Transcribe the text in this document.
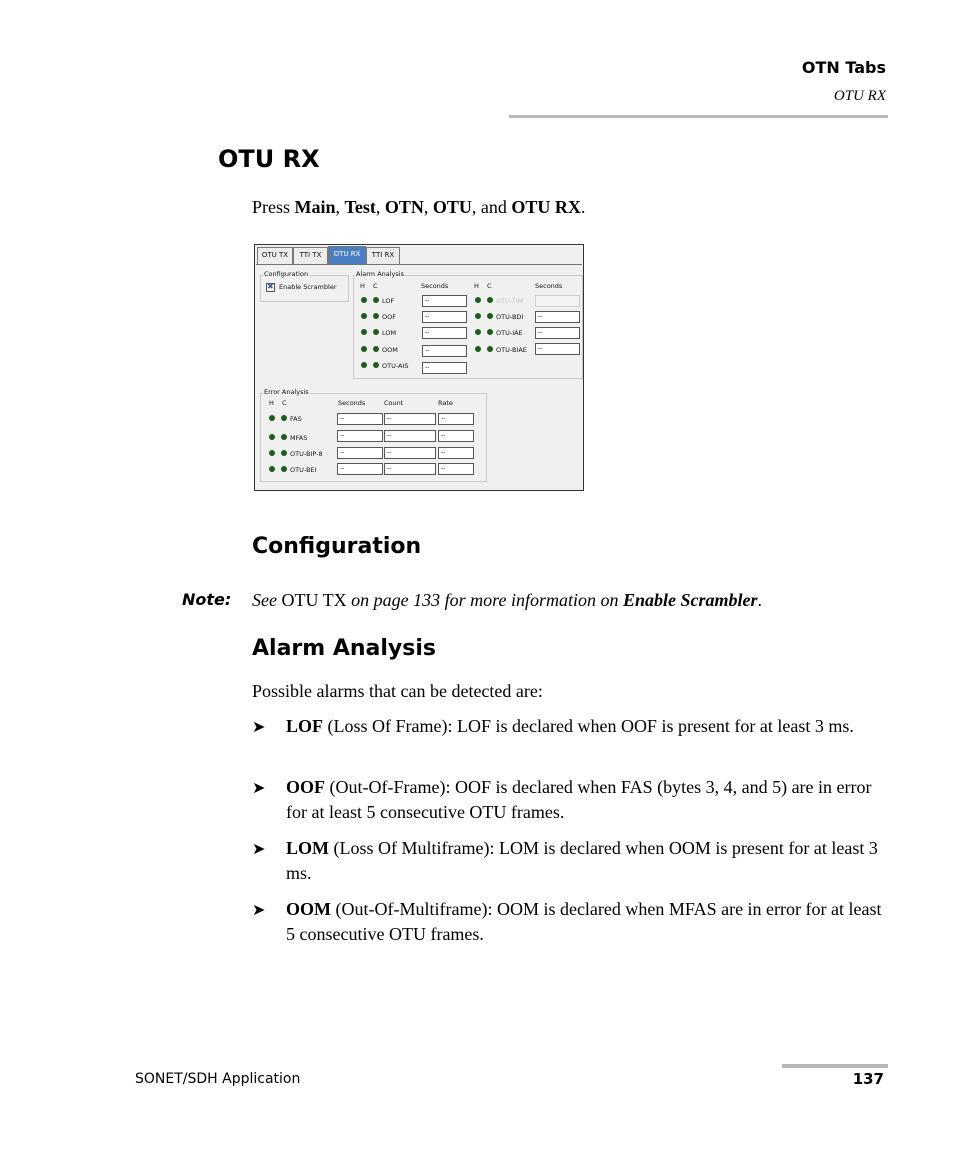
OTN Tabs
OTU RX
OTU RX
Press Main, Test, OTN, OTU, and OTU RX.
OTU TX	TTI TX	OTU RX	TTI RX
Configuration
✖
Enable Scrambler
Alarm Analysis
H C	Seconds	H C	Seconds
LOF	--
OOF	--
LOM	--
OOM	--
OTU-AIS	--
OTU-TIM
OTU-BDI	--
OTU-IAE	--
OTU-BIAE	--
Error Analysis
H C	Seconds	Count	Rate
FAS	--	--	--
MFAS	--	--	--
OTU-BIP-8	--	--	--
OTU-BEI	--	--	--
Configuration
Note: See OTU TX on page 133 for more information on Enable Scrambler.
Alarm Analysis
Possible alarms that can be detected are:
➤ LOF (Loss Of Frame): LOF is declared when OOF is present for at least 3 ms.
➤ OOF (Out-Of-Frame): OOF is declared when FAS (bytes 3, 4, and 5) are in error for at least 5 consecutive OTU frames.
➤ LOM (Loss Of Multiframe): LOM is declared when OOM is present for at least 3 ms.
➤ OOM (Out-Of-Multiframe): OOM is declared when MFAS are in error for at least 5 consecutive OTU frames.
SONET/SDH Application	137
